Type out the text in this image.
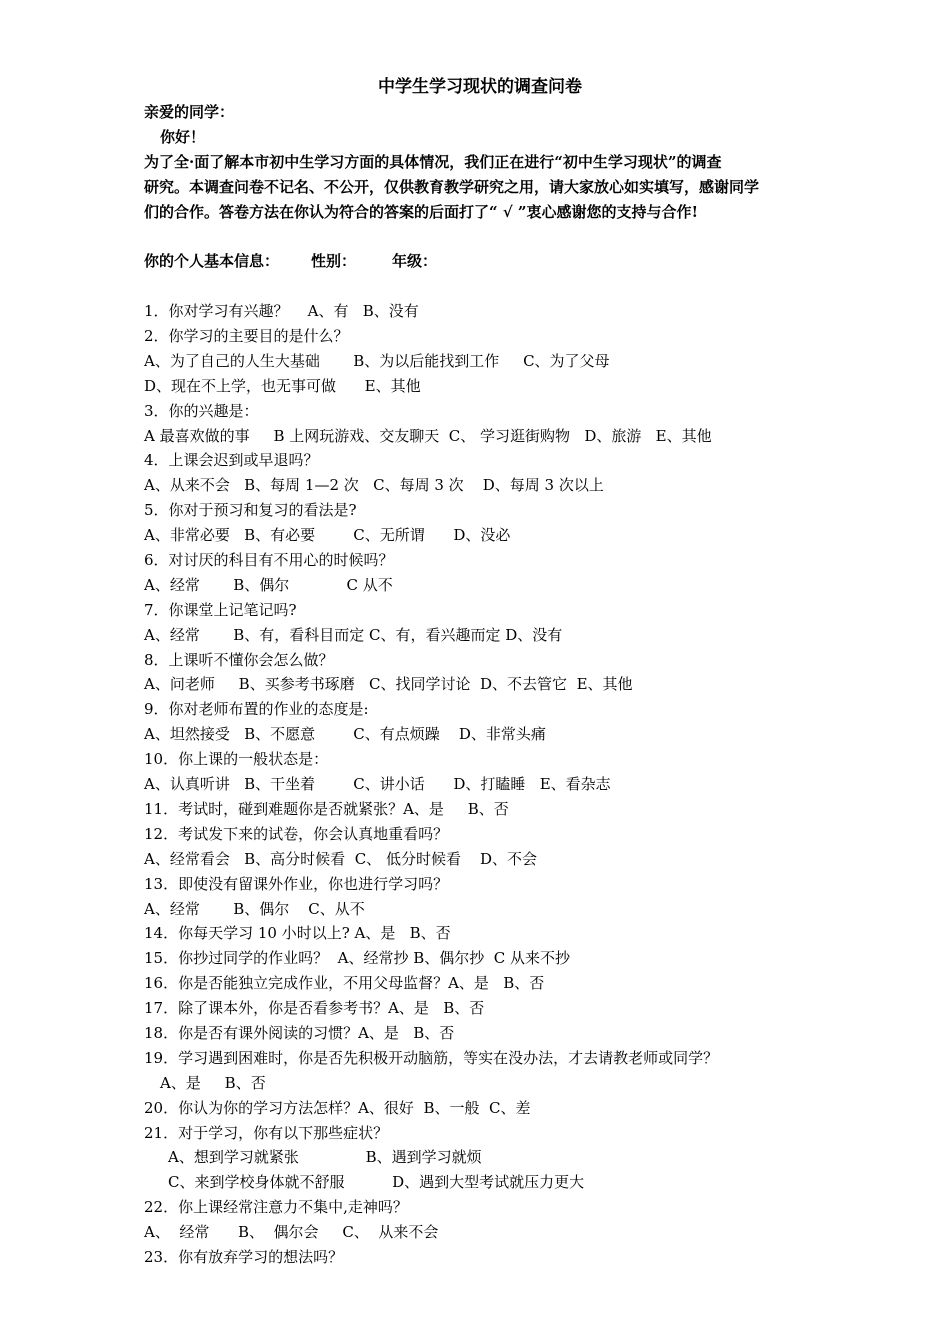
中学生学习现状的调查问卷
亲爱的同学：
你好！
为了全·面了解本市初中生学习方面的具体情况，我们正在进行“初中生学习现状”的调查
研究。本调查问卷不记名、不公开，仅供教育教学研究之用，请大家放心如实填写，感谢同学
们的合作。答卷方法在你认为符合的答案的后面打了“ √ ”衷心感谢您的支持与合作!
你的个人基本信息： 性别： 年级：
1．你对学习有兴趣？    A、有   B、没有
2．你学习的主要目的是什么？
A、为了自己的人生大基础       B、为以后能找到工作     C、为了父母
D、现在不上学，也无事可做      E、其他
3．你的兴趣是：
A 最喜欢做的事     B 上网玩游戏、交友聊天  C、 学习逛街购物   D、旅游   E、其他
4．上课会迟到或早退吗？
A、从来不会   B、每周 1—2 次   C、每周 3 次    D、每周 3 次以上
5．你对于预习和复习的看法是?
A、非常必要   B、有必要        C、无所谓      D、没必
6．对讨厌的科目有不用心的时候吗？
A、经常       B、偶尔            C 从不
7．你课堂上记笔记吗?
A、经常       B、有，看科目而定 C、有，看兴趣而定 D、没有
8．上课听不懂你会怎么做？
A、问老师     B、买参考书琢磨   C、找同学讨论  D、不去管它  E、其他
9．你对老师布置的作业的态度是:
A、坦然接受   B、不愿意        C、有点烦躁    D、非常头痛
10．你上课的一般状态是：
A、认真听讲   B、干坐着        C、讲小话      D、打瞌睡   E、看杂志
11．考试时，碰到难题你是否就紧张？A、是     B、否
12．考试发下来的试卷，你会认真地重看吗？
A、经常看会   B、高分时候看  C、 低分时候看    D、不会
13．即使没有留课外作业，你也进行学习吗？
A、经常       B、偶尔    C、从不
14．你每天学习 10 小时以上? A、是   B、否
15．你抄过同学的作业吗？  A、经常抄 B、偶尔抄  C 从来不抄
16．你是否能独立完成作业，不用父母监督？A、是   B、否
17．除了课本外，你是否看参考书？A、是   B、否
18．你是否有课外阅读的习惯？A、是   B、否
19．学习遇到困难时，你是否先积极开动脑筋，等实在没办法，才去请教老师或同学？
A、是     B、否
20．你认为你的学习方法怎样？A、很好  B、一般  C、差
21．对于学习，你有以下那些症状？
A、想到学习就紧张              B、遇到学习就烦
C、来到学校身体就不舒服          D、遇到大型考试就压力更大
22．你上课经常注意力不集中,走神吗？
A、  经常      B、  偶尔会     C、  从来不会
23．你有放弃学习的想法吗？
